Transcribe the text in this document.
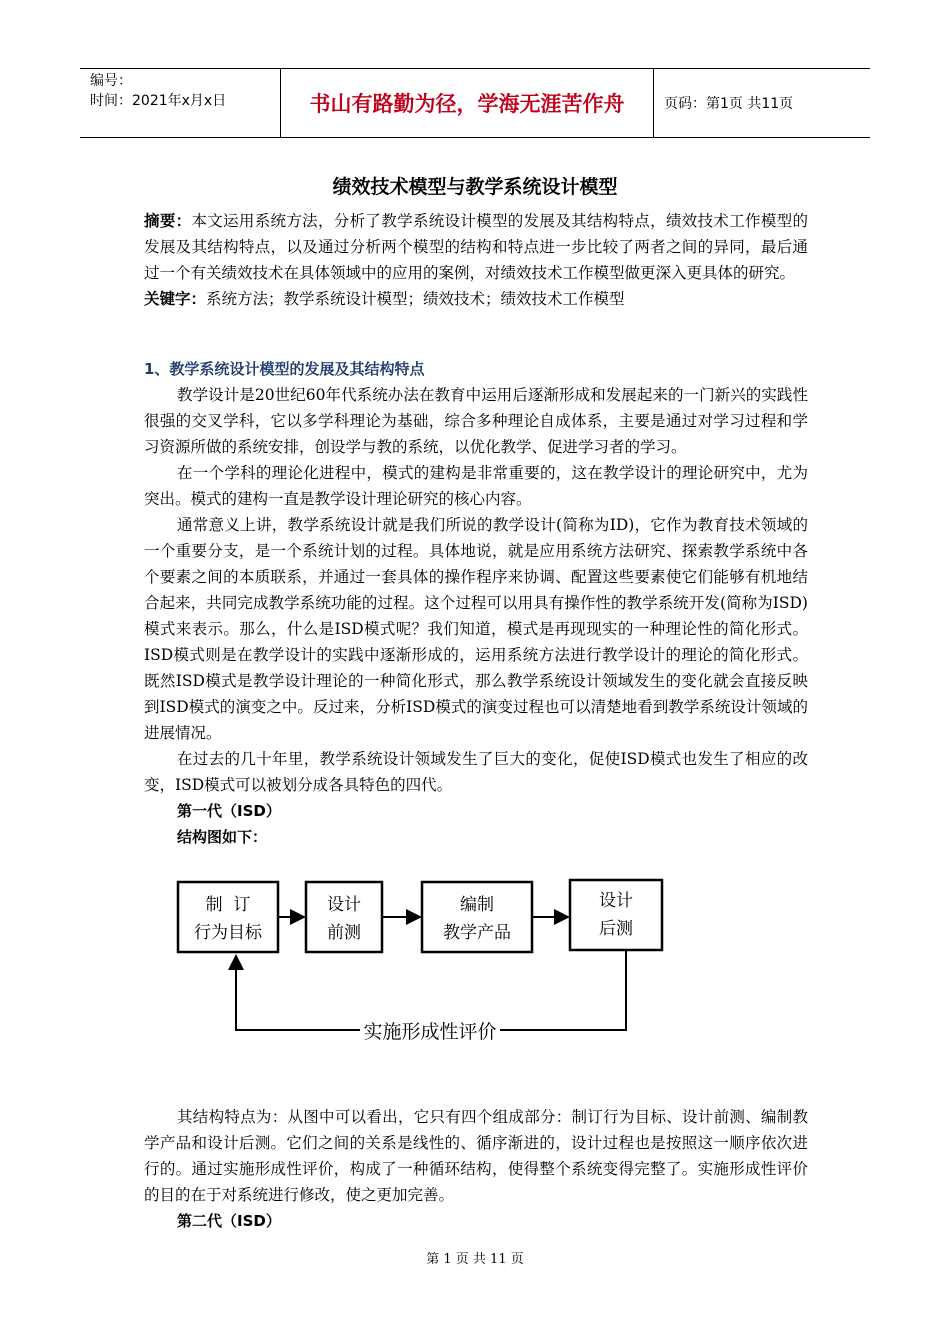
编号：
时间：2021年x月x日	书山有路勤为径，学海无涯苦作舟	页码：第1页 共11页
绩效技术模型与教学系统设计模型

摘要：本文运用系统方法，分析了教学系统设计模型的发展及其结构特点，绩效技术工作模型的发展及其结构特点，以及通过分析两个模型的结构和特点进一步比较了两者之间的异同，最后通过一个有关绩效技术在具体领域中的应用的案例，对绩效技术工作模型做更深入更具体的研究。

关键字：系统方法；教学系统设计模型；绩效技术；绩效技术工作模型

1、教学系统设计模型的发展及其结构特点

教学设计是20世纪60年代系统办法在教育中运用后逐渐形成和发展起来的一门新兴的实践性很强的交叉学科，它以多学科理论为基础，综合多种理论自成体系，主要是通过对学习过程和学习资源所做的系统安排，创设学与教的系统，以优化教学、促进学习者的学习。

在一个学科的理论化进程中，模式的建构是非常重要的，这在教学设计的理论研究中，尤为突出。模式的建构一直是教学设计理论研究的核心内容。

通常意义上讲，教学系统设计就是我们所说的教学设计(简称为ID)，它作为教育技术领域的一个重要分支，是一个系统计划的过程。具体地说，就是应用系统方法研究、探索教学系统中各个要素之间的本质联系，并通过一套具体的操作程序来协调、配置这些要素使它们能够有机地结合起来，共同完成教学系统功能的过程。这个过程可以用具有操作性的教学系统开发(简称为ISD)模式来表示。那么，什么是ISD模式呢？我们知道，模式是再现现实的一种理论性的简化形式。ISD模式则是在教学设计的实践中逐渐形成的，运用系统方法进行教学设计的理论的简化形式。既然ISD模式是教学设计理论的一种简化形式，那么教学系统设计领域发生的变化就会直接反映到ISD模式的演变之中。反过来，分析ISD模式的演变过程也可以清楚地看到教学系统设计领域的进展情况。

在过去的几十年里，教学系统设计领域发生了巨大的变化，促使ISD模式也发生了相应的改变，ISD模式可以被划分成各具特色的四代。

第一代（ISD）
结构图如下：
制  订
行为目标
设计
前测
编制
教学产品
设计
后测
实施形成性评价

其结构特点为：从图中可以看出，它只有四个组成部分：制订行为目标、设计前测、编制教学产品和设计后测。它们之间的关系是线性的、循序渐进的，设计过程也是按照这一顺序依次进行的。通过实施形成性评价，构成了一种循环结构，使得整个系统变得完整了。实施形成性评价的目的在于对系统进行修改，使之更加完善。

第二代（ISD）
第 1 页 共 11 页
